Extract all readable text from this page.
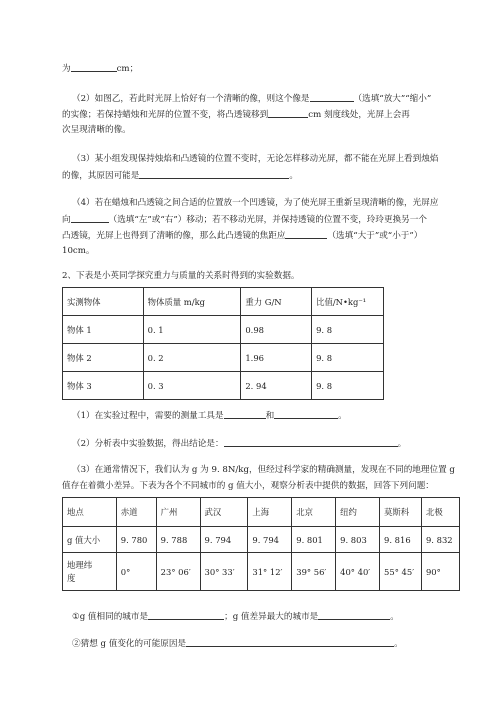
为	cm；
（2）如图乙，若此时光屏上恰好有一个清晰的像，则这个像是	（选填“放大”“缩小”
的实像；若保持蜡烛和光屏的位置不变，将凸透镜移到	cm 刻度线处，光屏上会再
次呈现清晰的像。
（3）某小组发现保持烛焰和凸透镜的位置不变时，无论怎样移动光屏，都不能在光屏上看到烛焰
的像，其原因可能是	。
（4）若在蜡烛和凸透镜之间合适的位置放一个凹透镜，为了使光屏王重新呈现清晰的像，光屏应
向	（选填“左”或“右”）移动；若不移动光屏，并保持透镜的位置不变，玲玲更换另一个
凸透镜，光屏上也得到了清晰的像，那么此凸透镜的焦距应	（选填“大于”或“小于”）
10cm。
2、下表是小英同学探究重力与质量的关系时得到的实验数据。
实测物体	物体质量 m/kg	重力 G/N	比值/N•kg⁻¹
物体 1	0. 1	0.98	9. 8
物体 2	0. 2	1.96	9. 8
物体 3	0. 3	2. 94	9. 8
（1）在实验过程中，需要的测量工具是	和	。
（2）分析表中实验数据，得出结论是：	。
（3）在通常情况下，我们认为 g 为 9. 8N/kg，但经过科学家的精确测量，发现在不同的地理位置 g
值存在着微小差异。下表为各个不同城市的 g 值大小，观察分析表中提供的数据，回答下列问题：
地点	赤道	广州	武汉	上海	北京	纽约	莫斯科	北极
g 值大小	9. 780	9. 788	9. 794	9. 794	9. 801	9. 803	9. 816	9. 832
地理纬
度	0°	23° 06′	30° 33′	31° 12′	39° 56′	40° 40′	55° 45′	90°
①g 值相同的城市是	；g 值差异最大的城市是	。
②猜想 g 值变化的可能原因是	。
